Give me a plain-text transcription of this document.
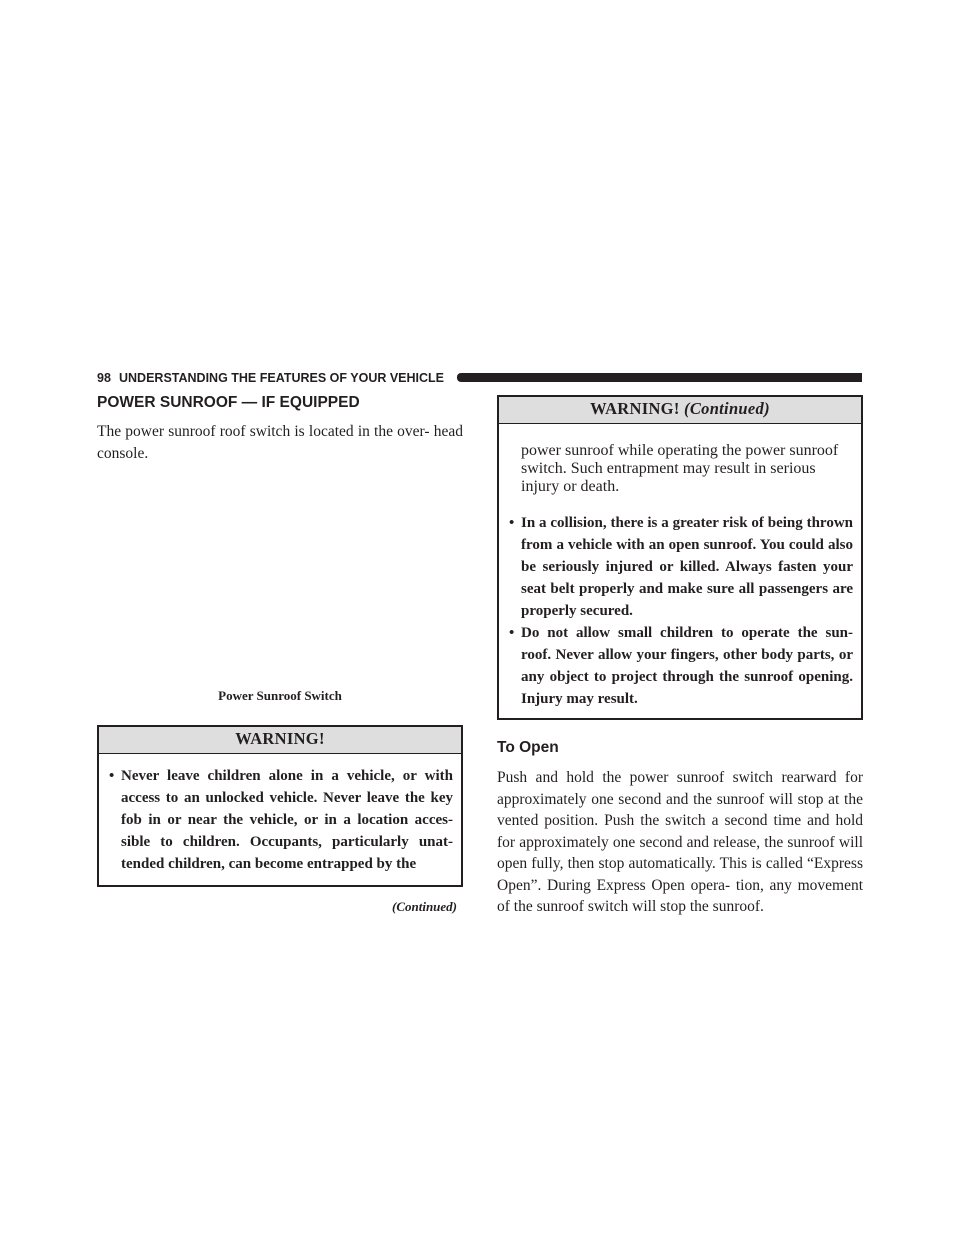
98 UNDERSTANDING THE FEATURES OF YOUR VEHICLE
POWER SUNROOF — IF EQUIPPED

The power sunroof roof switch is located in the over- head console.

Power Sunroof Switch
WARNING!
• Never leave children alone in a vehicle, or with access to an unlocked vehicle. Never leave the key fob in or near the vehicle, or in a location acces- sible to children. Occupants, particularly unat- tended children, can become entrapped by the
(Continued)
WARNING! (Continued)

power sunroof while operating the power sunroof switch. Such entrapment may result in serious injury or death.

• In a collision, there is a greater risk of being thrown from a vehicle with an open sunroof. You could also be seriously injured or killed. Always fasten your seat belt properly and make sure all passengers are properly secured.
• Do not allow small children to operate the sun- roof. Never allow your fingers, other body parts, or any object to project through the sunroof opening. Injury may result.
To Open

Push and hold the power sunroof switch rearward for approximately one second and the sunroof will stop at the vented position. Push the switch a second time and hold for approximately one second and release, the sunroof will open fully, then stop automatically. This is called “Express Open”. During Express Open opera- tion, any movement of the sunroof switch will stop the sunroof.
